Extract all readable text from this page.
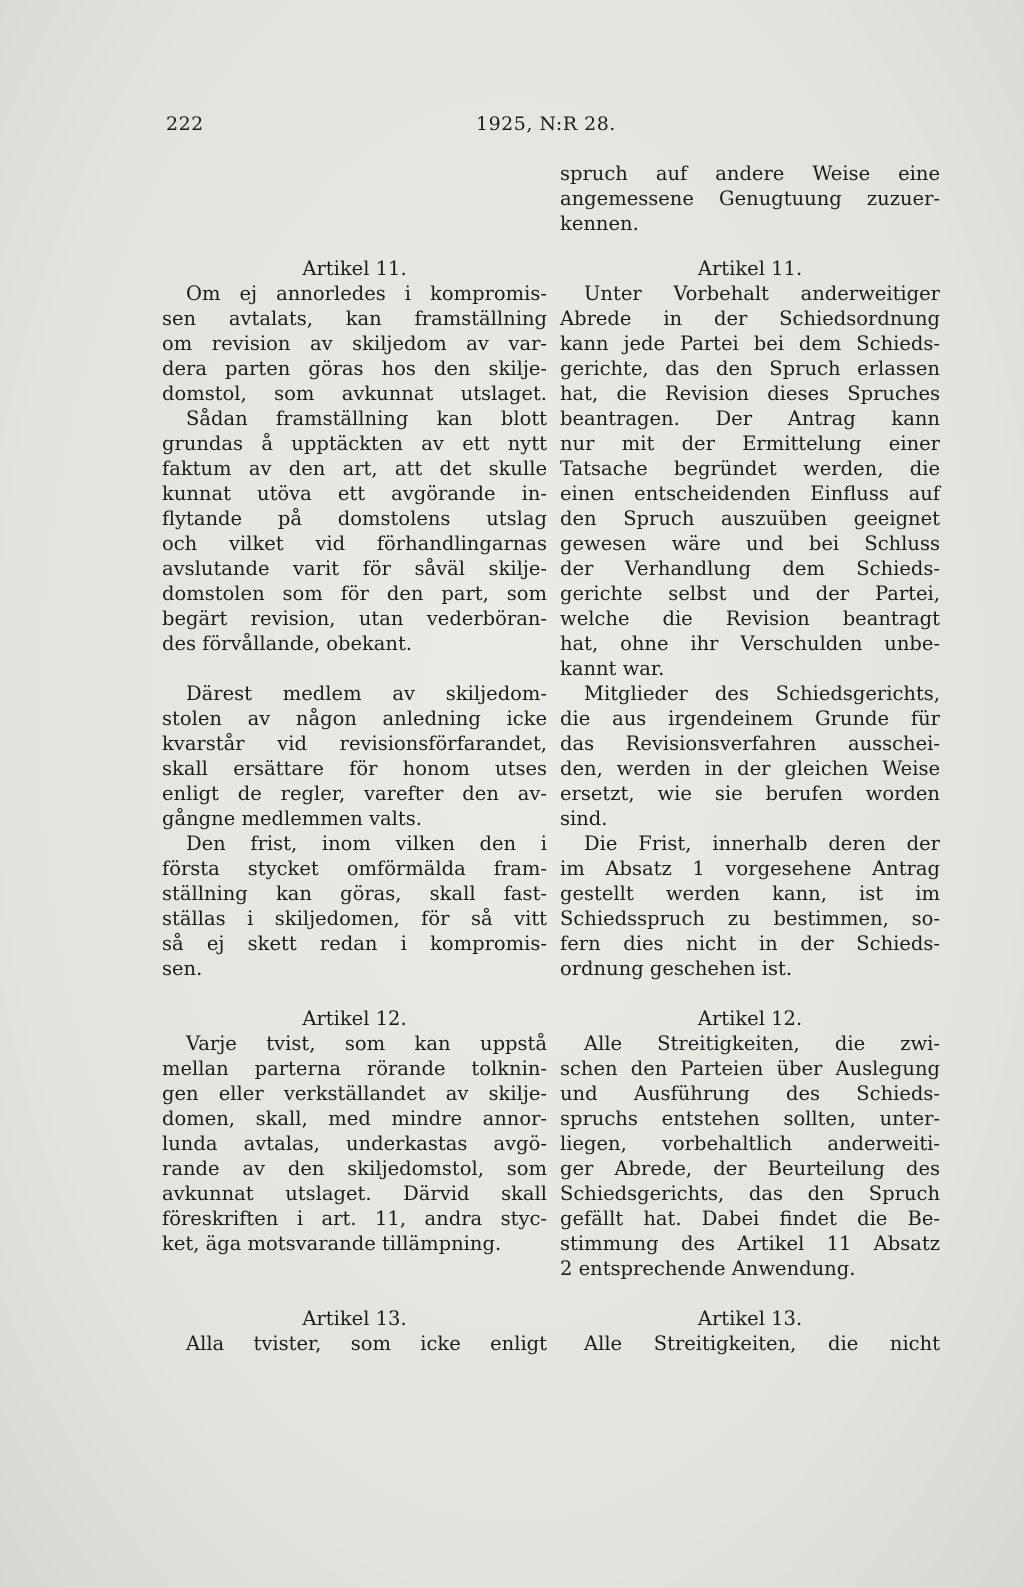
222	1925, N:R 28.
Artikel 11.
Om ej annorledes i kompromis-
sen avtalats, kan framställning
om revision av skiljedom av var-
dera parten göras hos den skilje-
domstol, som avkunnat utslaget.
Sådan framställning kan blott
grundas å upptäckten av ett nytt
faktum av den art, att det skulle
kunnat utöva ett avgörande in-
flytande på domstolens utslag
och vilket vid förhandlingarnas
avslutande varit för såväl skilje-
domstolen som för den part, som
begärt revision, utan vederböran-
des förvållande, obekant.
Därest medlem av skiljedom-
stolen av någon anledning icke
kvarstår vid revisionsförfarandet,
skall ersättare för honom utses
enligt de regler, varefter den av-
gångne medlemmen valts.
Den frist, inom vilken den i
första stycket omförmälda fram-
ställning kan göras, skall fast-
ställas i skiljedomen, för så vitt
så ej skett redan i kompromis-
sen.
Artikel 12.
Varje tvist, som kan uppstå
mellan parterna rörande tolknin-
gen eller verkställandet av skilje-
domen, skall, med mindre annor-
lunda avtalas, underkastas avgö-
rande av den skiljedomstol, som
avkunnat utslaget. Därvid skall
föreskriften i art. 11, andra styc-
ket, äga motsvarande tillämpning.
Artikel 13.
Alla tvister, som icke enligt
spruch auf andere Weise eine
angemessene Genugtuung zuzuer-
kennen.
Artikel 11.
Unter Vorbehalt anderweitiger
Abrede in der Schiedsordnung
kann jede Partei bei dem Schieds-
gerichte, das den Spruch erlassen
hat, die Revision dieses Spruches
beantragen. Der Antrag kann
nur mit der Ermittelung einer
Tatsache begründet werden, die
einen entscheidenden Einfluss auf
den Spruch auszuüben geeignet
gewesen wäre und bei Schluss
der Verhandlung dem Schieds-
gerichte selbst und der Partei,
welche die Revision beantragt
hat, ohne ihr Verschulden unbe-
kannt war.
Mitglieder des Schiedsgerichts,
die aus irgendeinem Grunde für
das Revisionsverfahren ausschei-
den, werden in der gleichen Weise
ersetzt, wie sie berufen worden
sind.
Die Frist, innerhalb deren der
im Absatz 1 vorgesehene Antrag
gestellt werden kann, ist im
Schiedsspruch zu bestimmen, so-
fern dies nicht in der Schieds-
ordnung geschehen ist.
Artikel 12.
Alle Streitigkeiten, die zwi-
schen den Parteien über Auslegung
und Ausführung des Schieds-
spruchs entstehen sollten, unter-
liegen, vorbehaltlich anderweiti-
ger Abrede, der Beurteilung des
Schiedsgerichts, das den Spruch
gefällt hat. Dabei findet die Be-
stimmung des Artikel 11 Absatz
2 entsprechende Anwendung.
Artikel 13.
Alle Streitigkeiten, die nicht
